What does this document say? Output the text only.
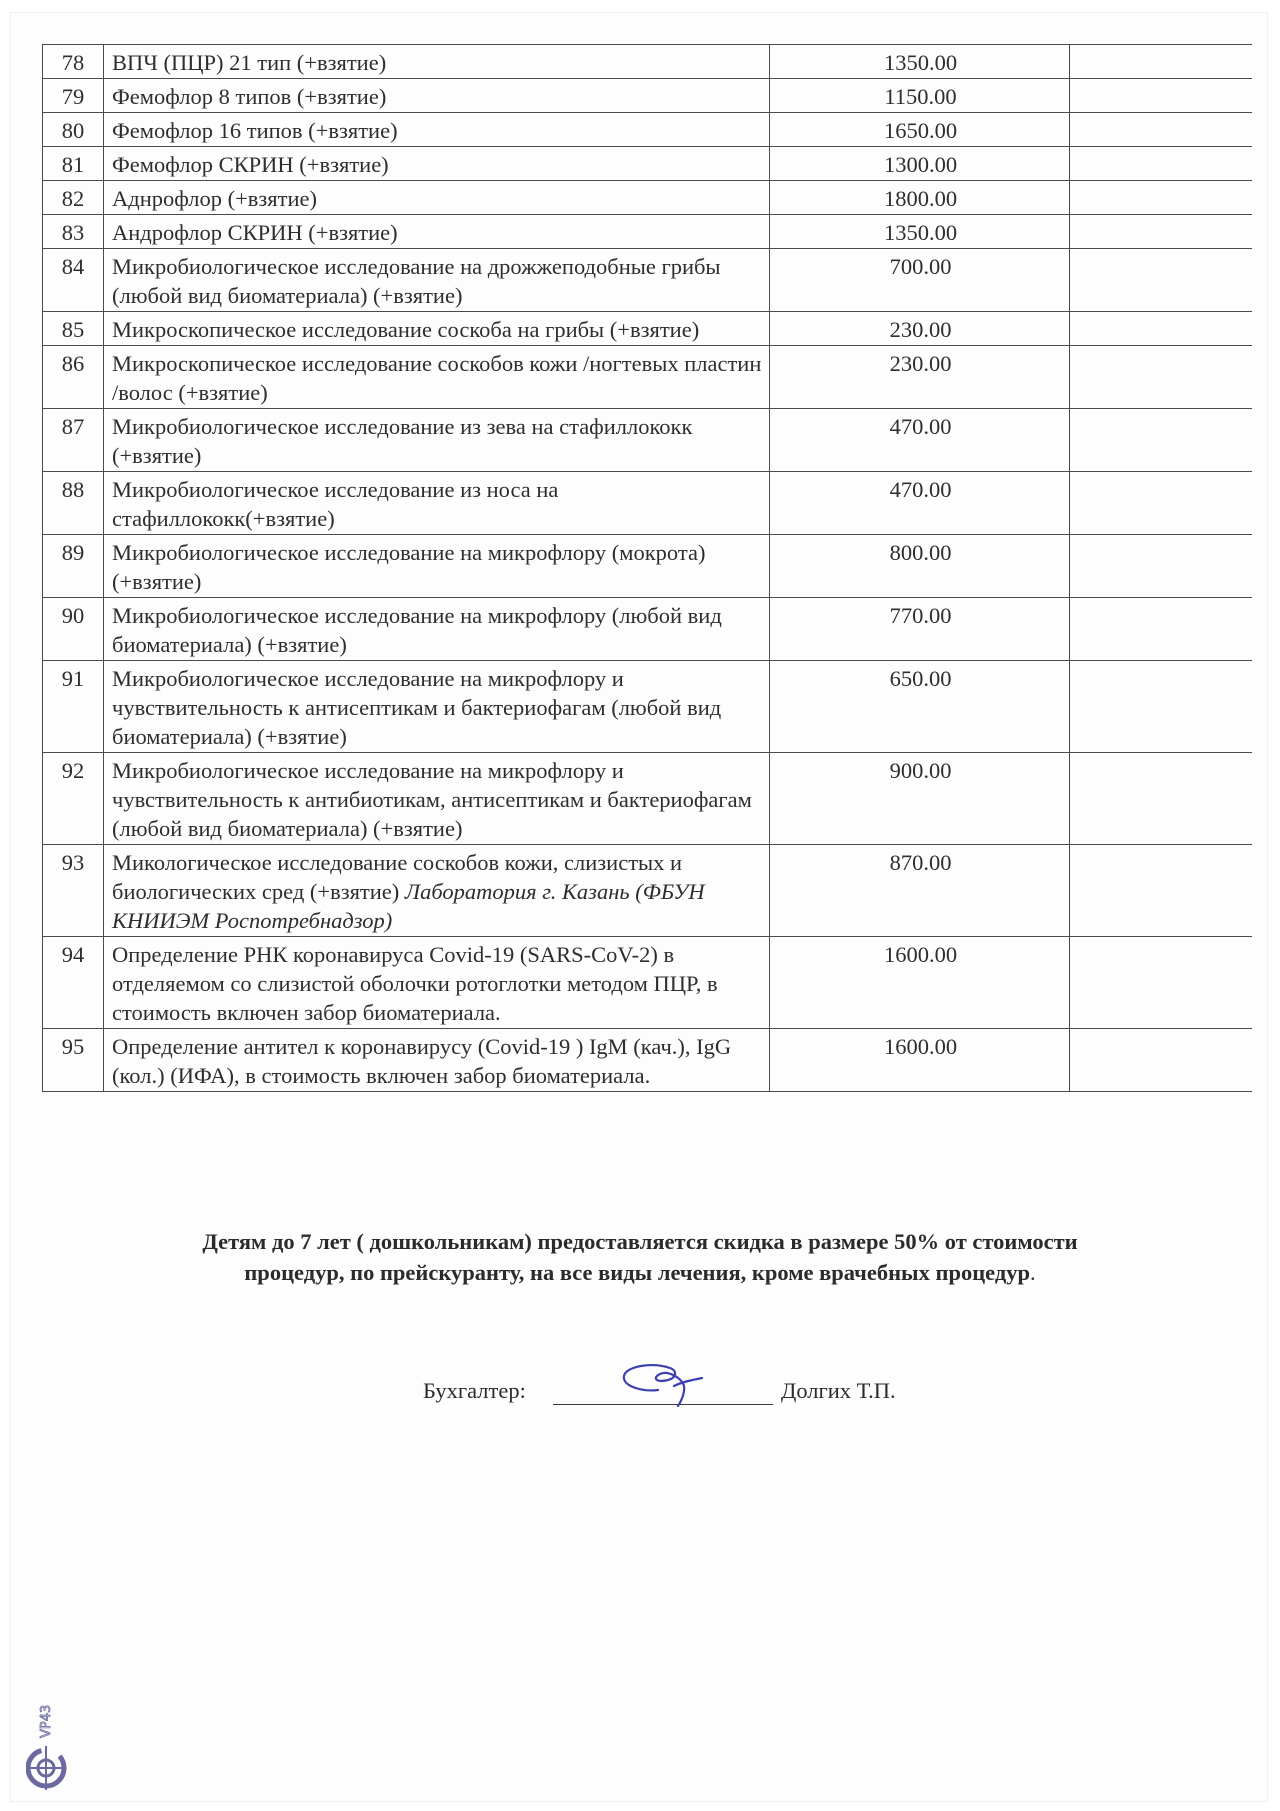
78	ВПЧ (ПЦР) 21 тип (+взятие)	1350.00	
79	Фемофлор 8 типов (+взятие)	1150.00	
80	Фемофлор 16 типов (+взятие)	1650.00	
81	Фемофлор СКРИН (+взятие)	1300.00	
82	Аднрофлор (+взятие)	1800.00	
83	Андрофлор СКРИН (+взятие)	1350.00	
84	Микробиологическое исследование на дрожжеподобные грибы (любой вид биоматериала) (+взятие)	700.00	
85	Микроскопическое исследование соскоба на грибы (+взятие)	230.00	
86	Микроскопическое исследование соскобов кожи /ногтевых пластин /волос (+взятие)	230.00	
87	Микробиологическое исследование из зева на стафиллококк (+взятие)	470.00	
88	Микробиологическое исследование из носа на стафиллококк(+взятие)	470.00	
89	Микробиологическое исследование на микрофлору (мокрота) (+взятие)	800.00	
90	Микробиологическое исследование на микрофлору (любой вид биоматериала) (+взятие)	770.00	
91	Микробиологическое исследование на микрофлору и чувствительность к антисептикам и бактериофагам (любой вид биоматериала) (+взятие)	650.00	
92	Микробиологическое исследование на микрофлору и чувствительность к антибиотикам, антисептикам и бактериофагам (любой вид биоматериала) (+взятие)	900.00	
93	Микологическое исследование соскобов кожи, слизистых и биологических сред (+взятие) Лаборатория г. Казань (ФБУН КНИИЭМ Роспотребнадзор)	870.00	
94	Определение РНК коронавируса Covid-19 (SARS-CoV-2) в отделяемом со слизистой оболочки ротоглотки методом ПЦР, в стоимость включен забор биоматериала.	1600.00	
95	Определение антител к коронавирусу (Covid-19 ) IgM (кач.), IgG (кол.) (ИФА), в стоимость включен забор биоматериала.	1600.00	
Детям до 7 лет ( дошкольникам) предоставляется скидка в размере 50% от стоимости
процедур, по прейскуранту, на все виды лечения, кроме врачебных процедур.
Бухгалтер:	Долгих Т.П.
VP43
